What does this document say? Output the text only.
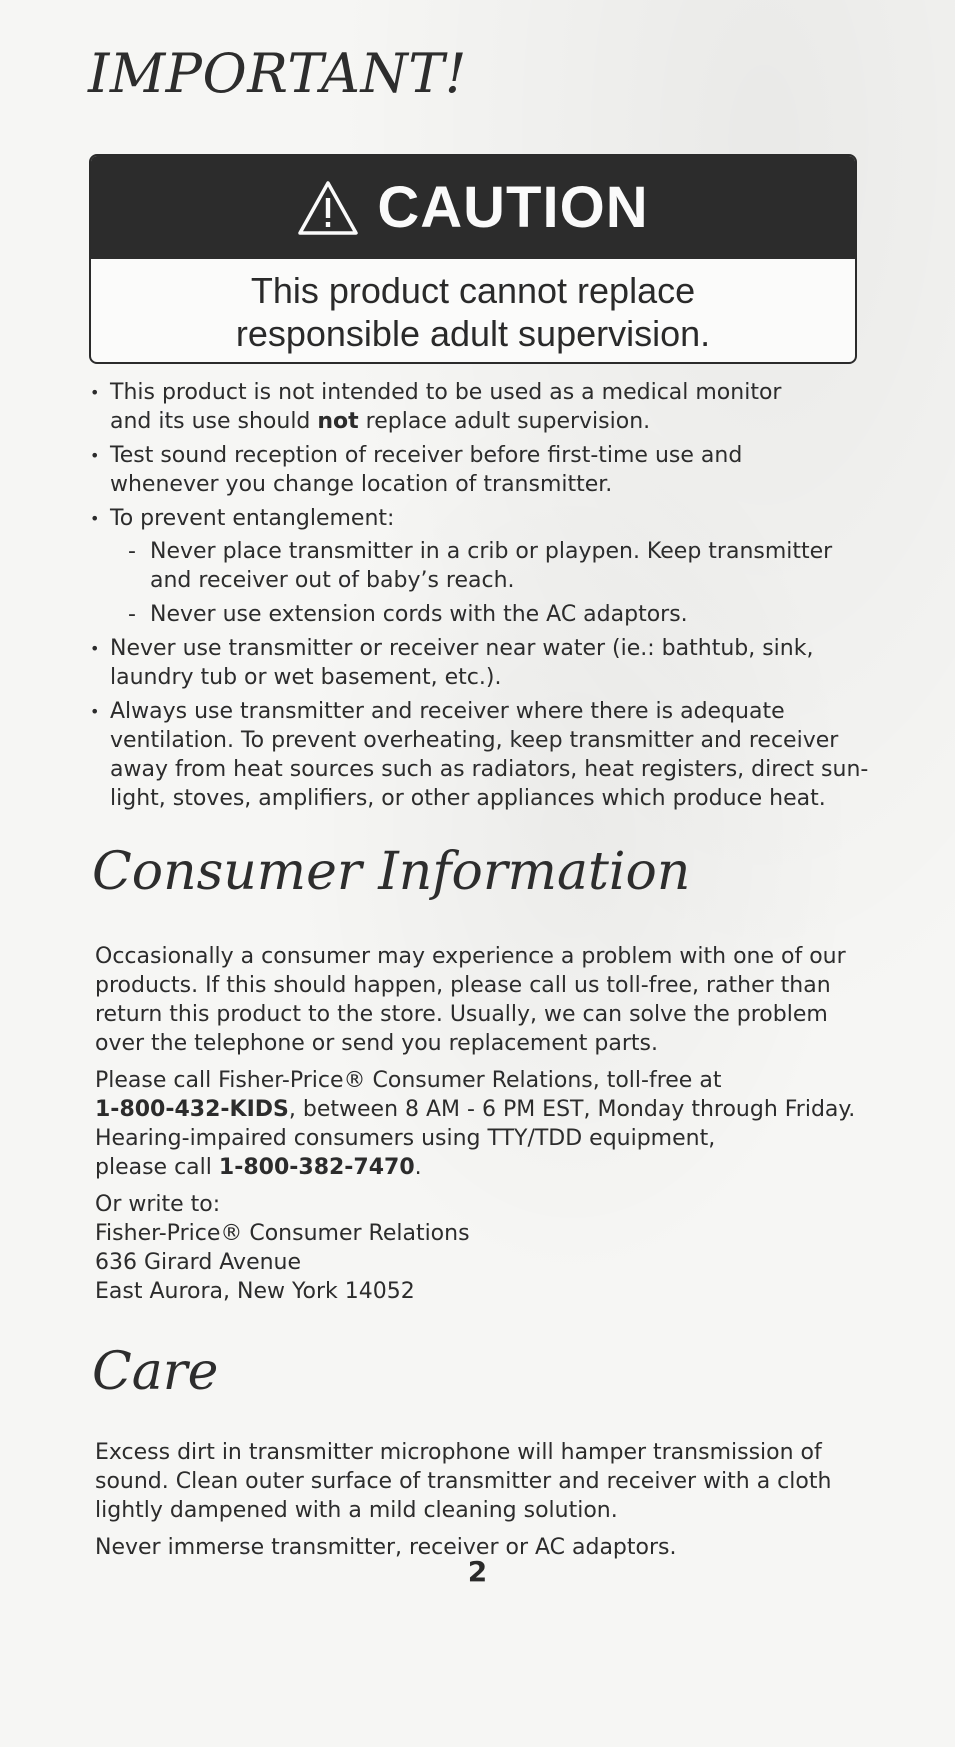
IMPORTANT!
CAUTION
This product cannot replace
responsible adult supervision.
• This product is not intended to be used as a medical monitor
and its use should not replace adult supervision.
• Test sound reception of receiver before first-time use and
whenever you change location of transmitter.
• To prevent entanglement:
- Never place transmitter in a crib or playpen. Keep transmitter
and receiver out of baby’s reach.
- Never use extension cords with the AC adaptors.
• Never use transmitter or receiver near water (ie.: bathtub, sink,
laundry tub or wet basement, etc.).
• Always use transmitter and receiver where there is adequate
ventilation. To prevent overheating, keep transmitter and receiver
away from heat sources such as radiators, heat registers, direct sun-
light, stoves, amplifiers, or other appliances which produce heat.
Consumer Information

Occasionally a consumer may experience a problem with one of our
products. If this should happen, please call us toll-free, rather than
return this product to the store. Usually, we can solve the problem
over the telephone or send you replacement parts.

Please call Fisher-Price® Consumer Relations, toll-free at
1-800-432-KIDS, between 8 AM - 6 PM EST, Monday through Friday.
Hearing-impaired consumers using TTY/TDD equipment,
please call 1-800-382-7470.

Or write to:
Fisher-Price® Consumer Relations
636 Girard Avenue
East Aurora, New York 14052

Care

Excess dirt in transmitter microphone will hamper transmission of
sound. Clean outer surface of transmitter and receiver with a cloth
lightly dampened with a mild cleaning solution.

Never immerse transmitter, receiver or AC adaptors.

2
